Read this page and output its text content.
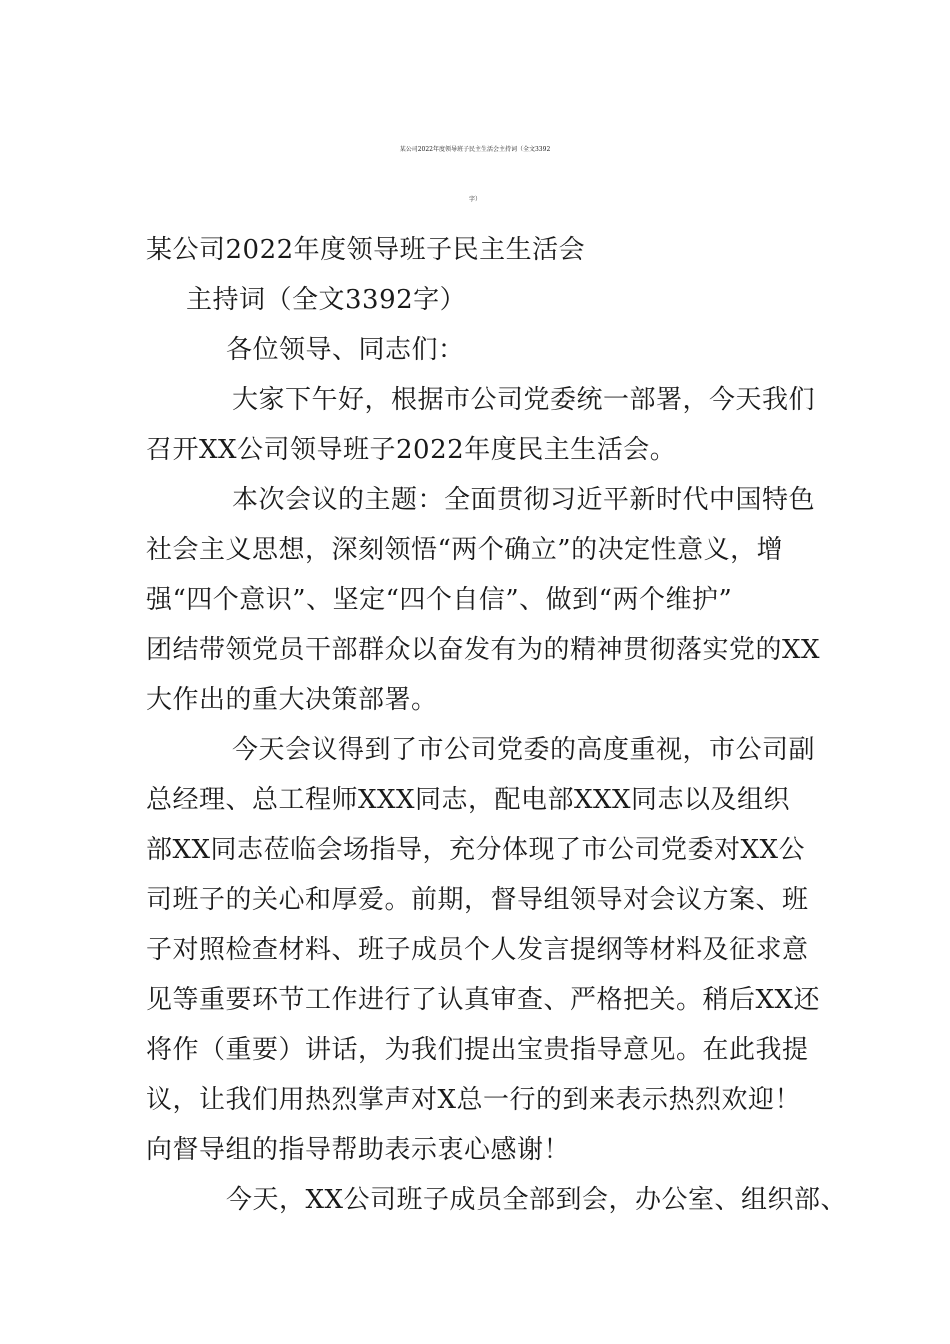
某公司2022年度领导班子民主生活会主持词（全文3392
字）
某公司2022年度领导班子民主生活会
主持词（全文3392字）
各位领导、同志们：
大家下午好，根据市公司党委统一部署，今天我们
召开XX公司领导班子2022年度民主生活会。
本次会议的主题：全面贯彻习近平新时代中国特色
社会主义思想，深刻领悟“两个确立”的决定性意义，增
强“四个意识”、坚定“四个自信”、做到“两个维护”
团结带领党员干部群众以奋发有为的精神贯彻落实党的XX
大作出的重大决策部署。
今天会议得到了市公司党委的高度重视，市公司副
总经理、总工程师XXX同志，配电部XXX同志以及组织
部XX同志莅临会场指导，充分体现了市公司党委对XX公
司班子的关心和厚爱。前期，督导组领导对会议方案、班
子对照检查材料、班子成员个人发言提纲等材料及征求意
见等重要环节工作进行了认真审查、严格把关。稍后XX还
将作（重要）讲话，为我们提出宝贵指导意见。在此我提
议，让我们用热烈掌声对X总一行的到来表示热烈欢迎！
向督导组的指导帮助表示衷心感谢！
今天，XX公司班子成员全部到会，办公室、组织部、
